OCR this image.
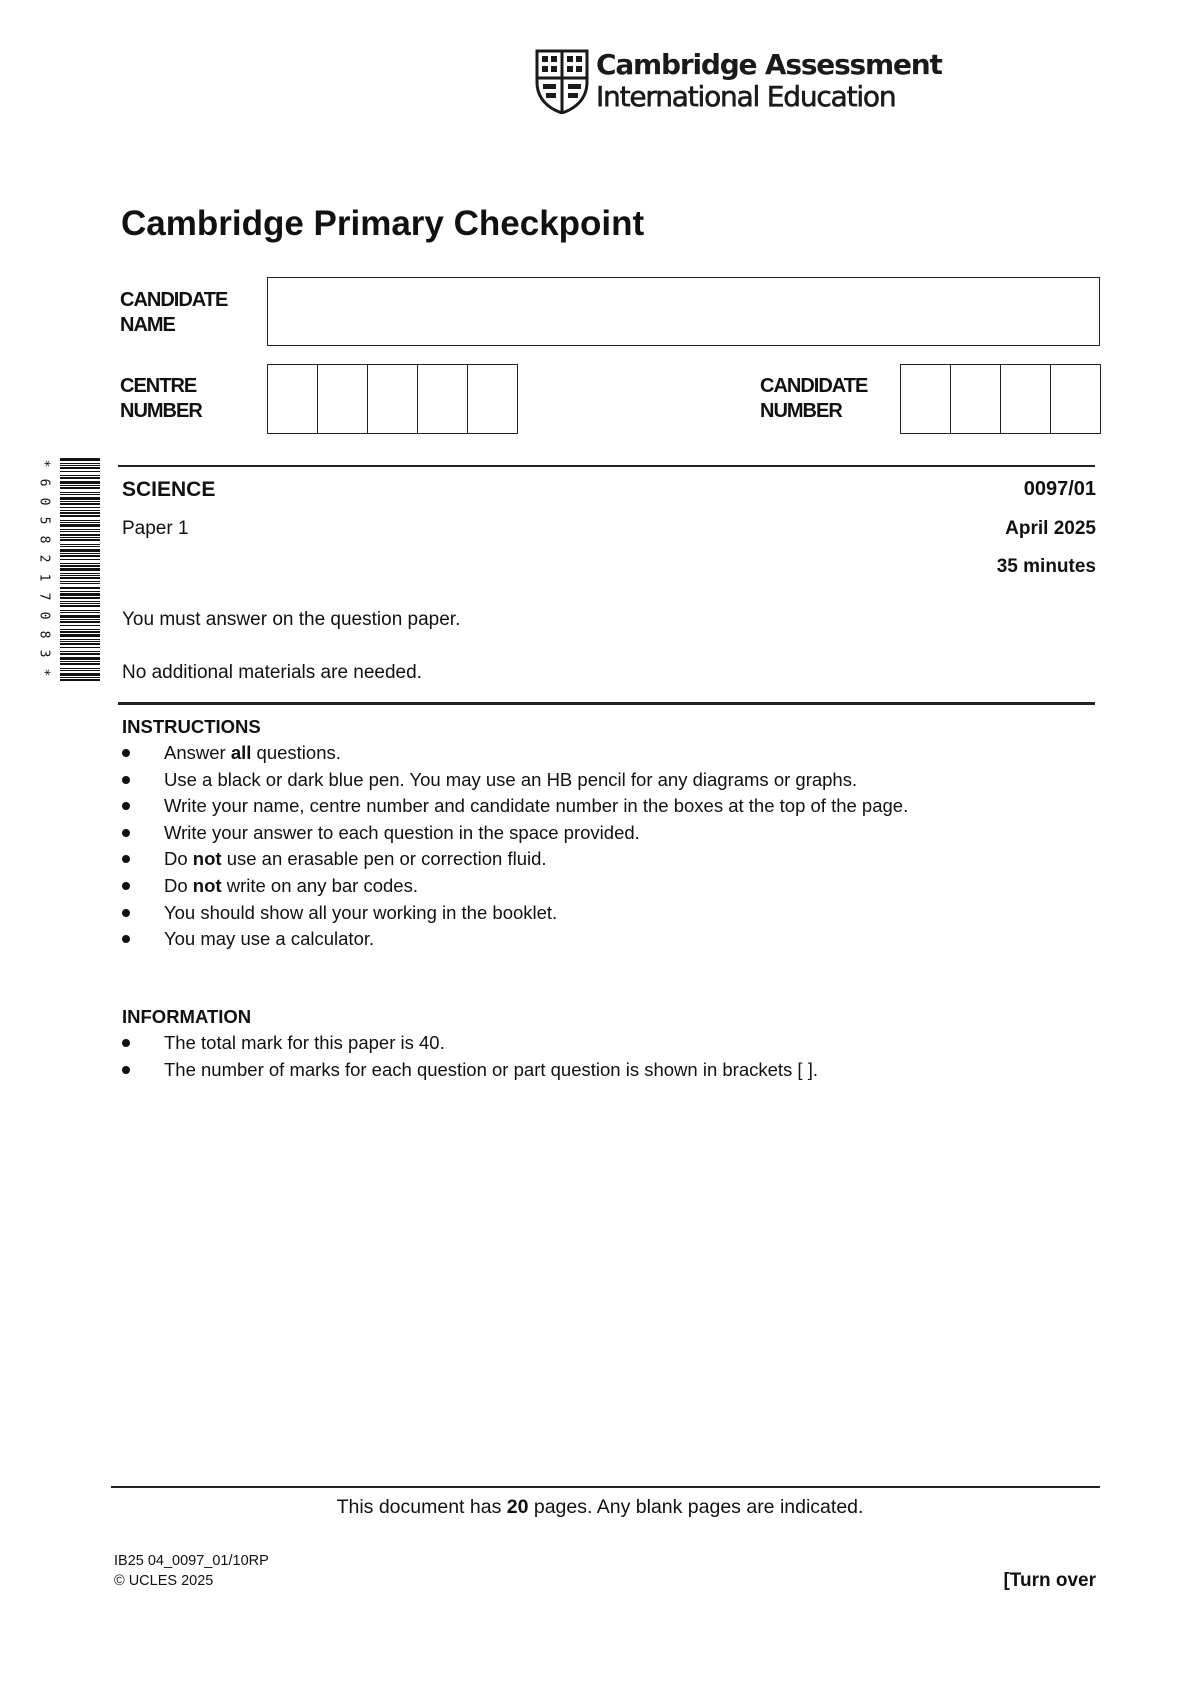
Cambridge Assessment
International Education
Cambridge Primary Checkpoint
CANDIDATE
NAME
CENTRE
NUMBER
CANDIDATE
NUMBER
SCIENCE	0097/01
Paper 1	April 2025
35 minutes
You must answer on the question paper.
No additional materials are needed.
INSTRUCTIONS
Answer all questions.
Use a black or dark blue pen. You may use an HB pencil for any diagrams or graphs.
Write your name, centre number and candidate number in the boxes at the top of the page.
Write your answer to each question in the space provided.
Do not use an erasable pen or correction fluid.
Do not write on any bar codes.
You should show all your working in the booklet.
You may use a calculator.
INFORMATION
The total mark for this paper is 40.
The number of marks for each question or part question is shown in brackets [ ].
*
6
0
5
8
2
1
7
0
8
3
*
This document has 20 pages. Any blank pages are indicated.
IB25 04_0097_01/10RP
© UCLES 2025	[Turn over
